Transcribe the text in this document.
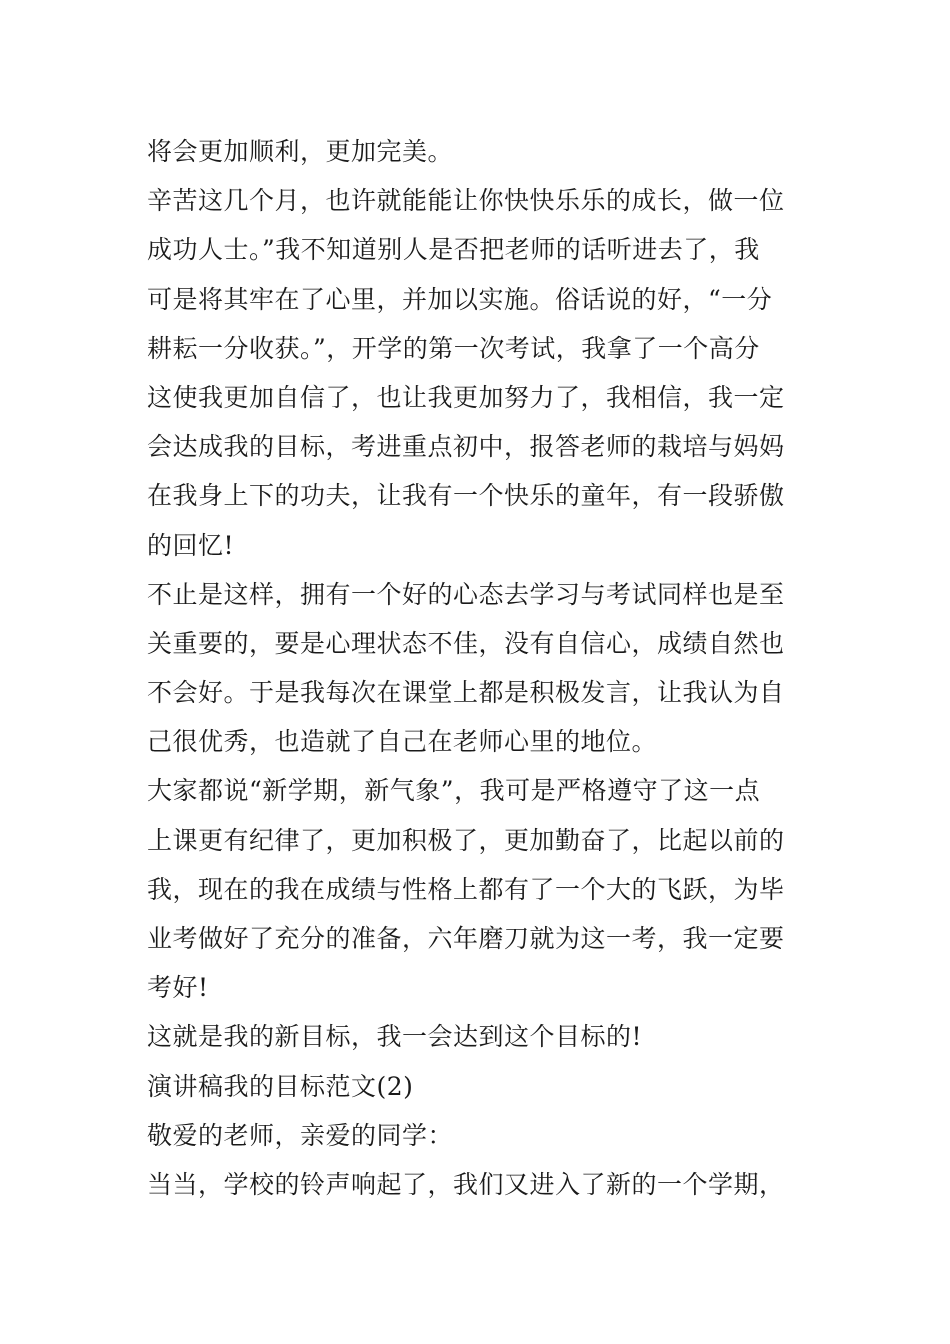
将会更加顺利，更加完美。
辛苦这几个月，也许就能能让你快快乐乐的成长，做一位
成功人士。”我不知道别人是否把老师的话听进去了，我
可是将其牢在了心里，并加以实施。俗话说的好，“一分
耕耘一分收获。”，开学的第一次考试，我拿了一个高分
这使我更加自信了，也让我更加努力了，我相信，我一定
会达成我的目标，考进重点初中，报答老师的栽培与妈妈
在我身上下的功夫，让我有一个快乐的童年，有一段骄傲
的回忆!
不止是这样，拥有一个好的心态去学习与考试同样也是至
关重要的，要是心理状态不佳，没有自信心，成绩自然也
不会好。于是我每次在课堂上都是积极发言，让我认为自
己很优秀，也造就了自己在老师心里的地位。
大家都说“新学期，新气象”，我可是严格遵守了这一点
上课更有纪律了，更加积极了，更加勤奋了，比起以前的
我，现在的我在成绩与性格上都有了一个大的飞跃，为毕
业考做好了充分的准备，六年磨刀就为这一考，我一定要
考好!
这就是我的新目标，我一会达到这个目标的!
演讲稿我的目标范文(2)
敬爱的老师，亲爱的同学：
当当，学校的铃声响起了，我们又进入了新的一个学期，
